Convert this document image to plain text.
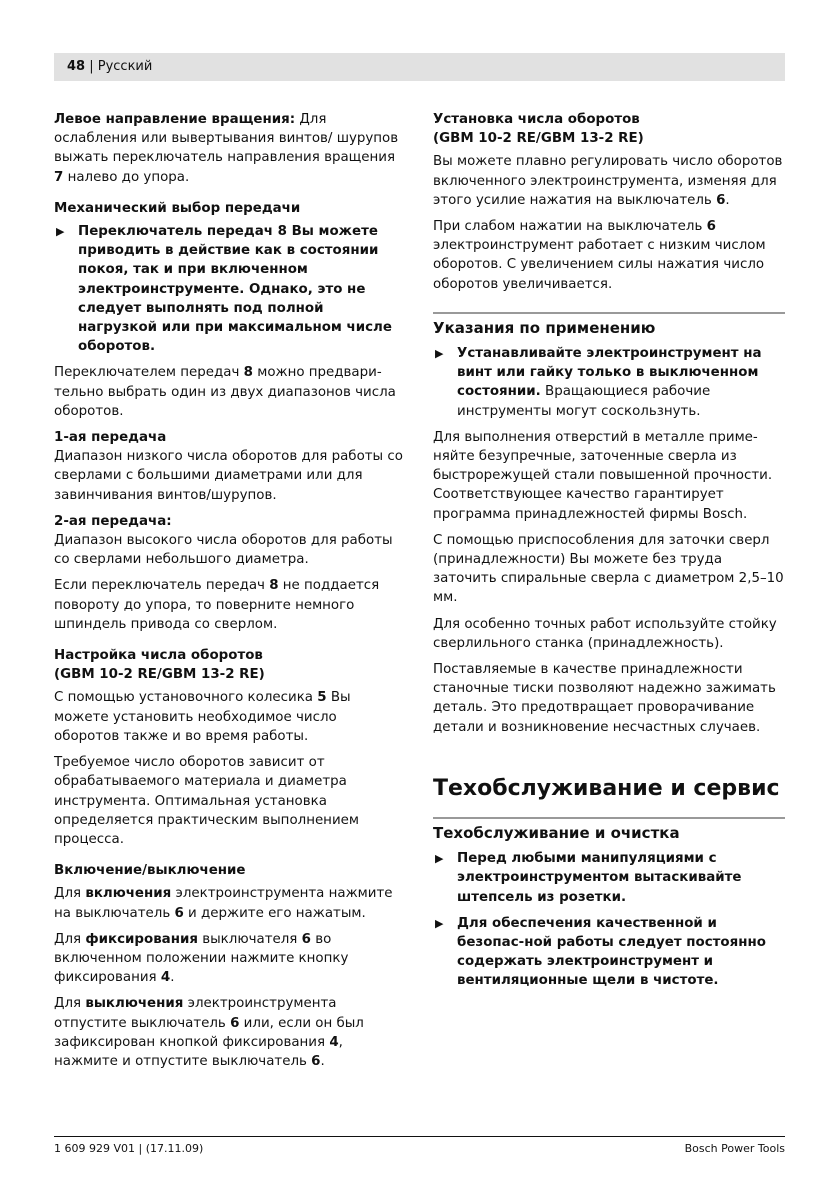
48 | Русский

Левое направление вращения: Для ослабления или вывертывания винтов/ шурупов выжать переключатель направления вращения 7 налево до упора.

Механический выбор передачи
▶ Переключатель передач 8 Вы можете приводить в действие как в состоянии покоя, так и при включенном электроинструменте. Однако, это не следует выполнять под полной нагрузкой или при максимальном числе оборотов.

Переключателем передач 8 можно предвари-тельно выбрать один из двух диапазонов числа оборотов.

1-ая передача

Диапазон низкого числа оборотов для работы со сверлами с большими диаметрами или для завинчивания винтов/шурупов.

2-ая передача:

Диапазон высокого числа оборотов для работы со сверлами небольшого диаметра.

Если переключатель передач 8 не поддается повороту до упора, то поверните немного шпиндель привода со сверлом.

Настройка числа оборотов
(GBM 10-2 RE/GBM 13-2 RE)

С помощью установочного колесика 5 Вы можете установить необходимое число оборотов также и во время работы.

Требуемое число оборотов зависит от обрабатываемого материала и диаметра инструмента. Оптимальная установка определяется практическим выполнением процесса.

Включение/выключение

Для включения электроинструмента нажмите на выключатель 6 и держите его нажатым.

Для фиксирования выключателя 6 во включенном положении нажмите кнопку фиксирования 4.

Для выключения электроинструмента отпустите выключатель 6 или, если он был зафиксирован кнопкой фиксирования 4, нажмите и отпустите выключатель 6.

Установка числа оборотов
(GBM 10-2 RE/GBM 13-2 RE)

Вы можете плавно регулировать число оборотов включенного электроинструмента, изменяя для этого усилие нажатия на выключатель 6.

При слабом нажатии на выключатель 6 электроинструмент работает с низким числом оборотов. С увеличением силы нажатия число оборотов увеличивается.

Указания по применению
▶ Устанавливайте электроинструмент на винт или гайку только в выключенном состоянии. Вращающиеся рабочие инструменты могут соскользнуть.

Для выполнения отверстий в металле приме-няйте безупречные, заточенные сверла из быстрорежущей стали повышенной прочности. Соответствующее качество гарантирует программа принадлежностей фирмы Bosch.

С помощью приспособления для заточки сверл (принадлежности) Вы можете без труда заточить спиральные сверла с диаметром 2,5–10 мм.

Для особенно точных работ используйте стойку сверлильного станка (принадлежность).

Поставляемые в качестве принадлежности станочные тиски позволяют надежно зажимать деталь. Это предотвращает проворачивание детали и возникновение несчастных случаев.

Техобслуживание и сервис
Техобслуживание и очистка
▶ Перед любыми манипуляциями с электроинструментом вытаскивайте штепсель из розетки.
▶ Для обеспечения качественной и безопас-ной работы следует постоянно содержать электроинструмент и вентиляционные щели в чистоте.
1 609 929 V01 | (17.11.09)	Bosch Power Tools
